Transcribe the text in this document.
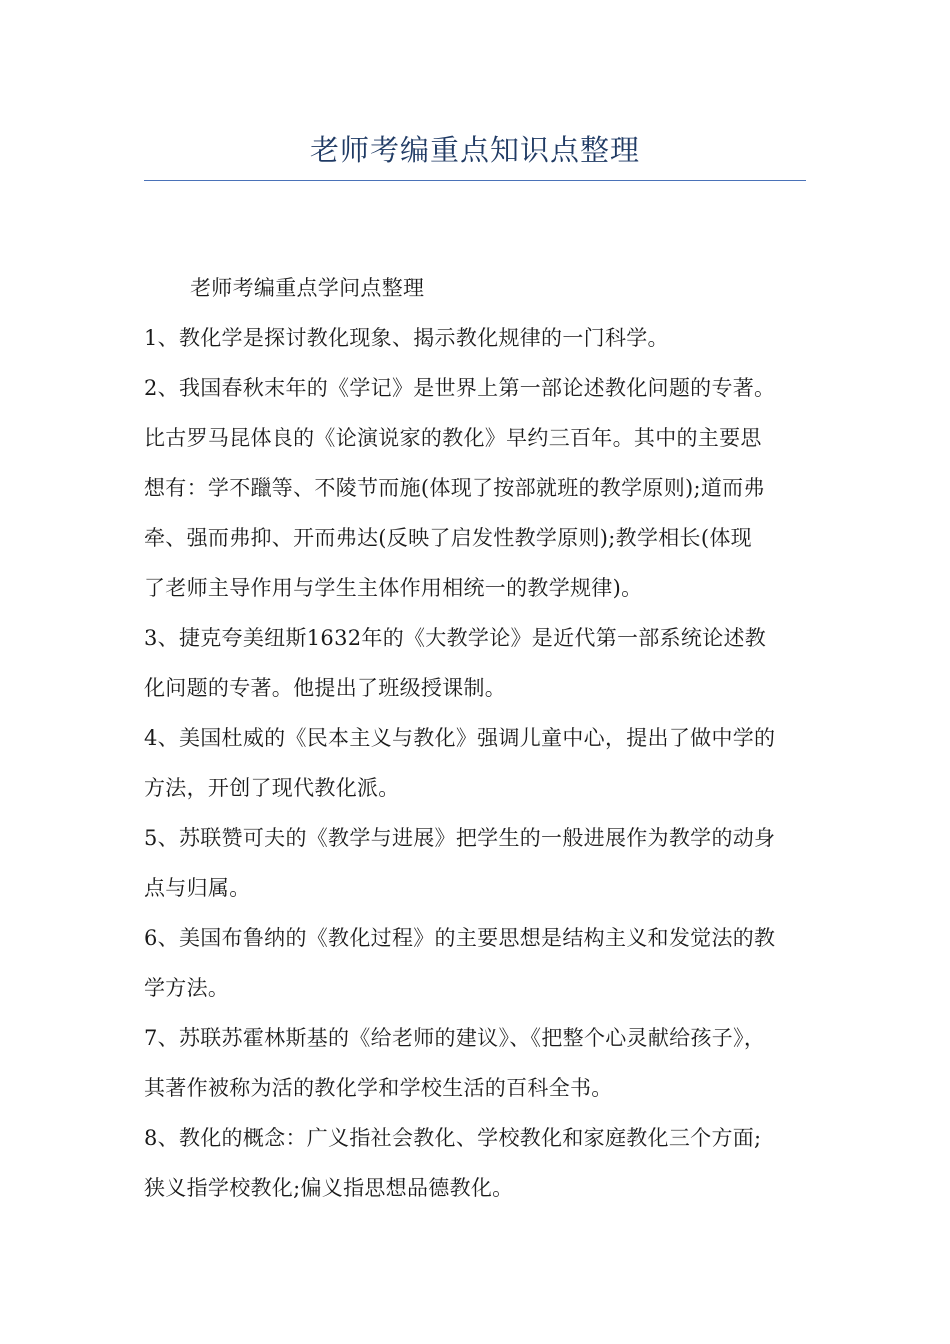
老师考编重点知识点整理
老师考编重点学问点整理
1、教化学是探讨教化现象、揭示教化规律的一门科学。
2、我国春秋末年的《学记》是世界上第一部论述教化问题的专著。
比古罗马昆体良的《论演说家的教化》早约三百年。其中的主要思
想有：学不躐等、不陵节而施(体现了按部就班的教学原则);道而弗
牵、强而弗抑、开而弗达(反映了启发性教学原则);教学相长(体现
了老师主导作用与学生主体作用相统一的教学规律)。
3、捷克夸美纽斯1632年的《大教学论》是近代第一部系统论述教
化问题的专著。他提出了班级授课制。
4、美国杜威的《民本主义与教化》强调儿童中心，提出了做中学的
方法，开创了现代教化派。
5、苏联赞可夫的《教学与进展》把学生的一般进展作为教学的动身
点与归属。
6、美国布鲁纳的《教化过程》的主要思想是结构主义和发觉法的教
学方法。
7、苏联苏霍林斯基的《给老师的建议》、《把整个心灵献给孩子》，
其著作被称为活的教化学和学校生活的百科全书。
8、教化的概念：广义指社会教化、学校教化和家庭教化三个方面;
狭义指学校教化;偏义指思想品德教化。
